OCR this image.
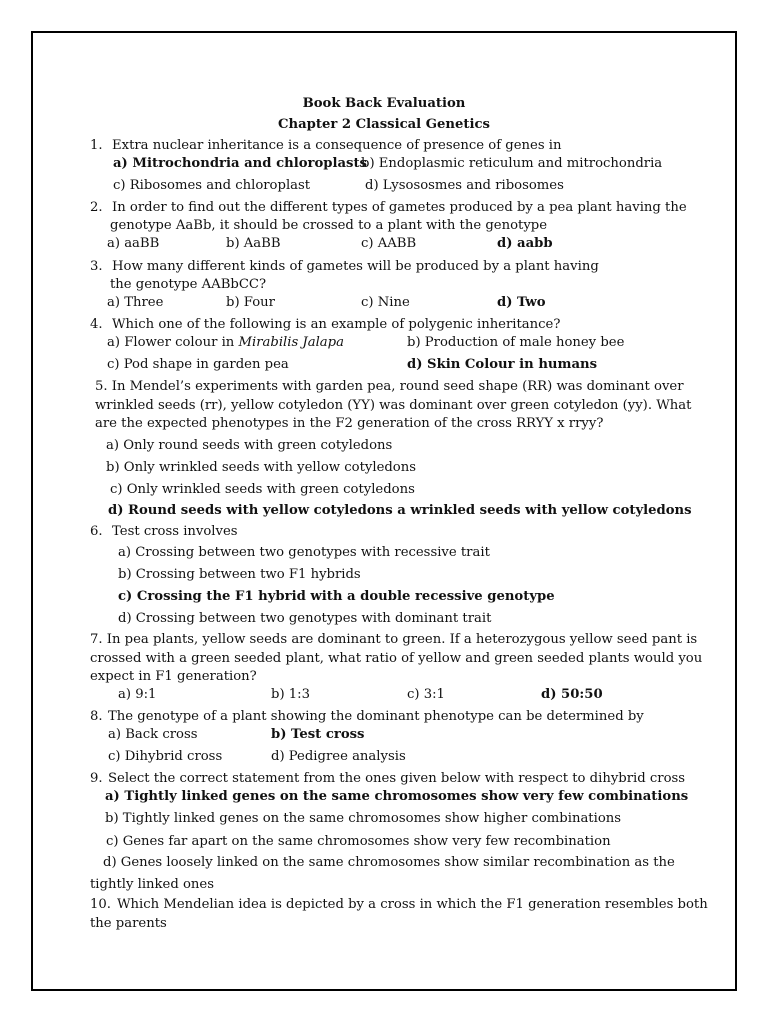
Book Back Evaluation
Chapter 2 Classical Genetics
1. Extra nuclear inheritance is a consequence of presence of genes in
a) Mitrochondria and chloroplasts
b) Endoplasmic reticulum and mitrochondria
c) Ribosomes and chloroplast	d) Lysososmes and ribosomes
2. In order to find out the different types of gametes produced by a pea plant having the
genotype AaBb, it should be crossed to a plant with the genotype
a) aaBB	b) AaBB	c) AABB	d) aabb
3. How many different kinds of gametes will be produced by a plant having
the genotype AABbCC?
a) Three	b) Four	c) Nine	d) Two
4. Which one of the following is an example of polygenic inheritance?
a) Flower colour in Mirabilis Jalapa	b) Production of male honey bee
c) Pod shape in garden pea	d) Skin Colour in humans
5. In Mendel’s experiments with garden pea, round seed shape (RR) was dominant over
wrinkled seeds (rr), yellow cotyledon (YY) was dominant over green cotyledon (yy). What
are the expected phenotypes in the F2 generation of the cross RRYY x rryy?
a) Only round seeds with green cotyledons
b) Only wrinkled seeds with yellow cotyledons
c) Only wrinkled seeds with green cotyledons
d) Round seeds with yellow cotyledons a wrinkled seeds with yellow cotyledons
6. Test cross involves
a) Crossing between two genotypes with recessive trait
b) Crossing between two F1 hybrids
c) Crossing the F1 hybrid with a double recessive genotype
d) Crossing between two genotypes with dominant trait
7. In pea plants, yellow seeds are dominant to green. If a heterozygous yellow seed pant is
crossed with a green seeded plant, what ratio of yellow and green seeded plants would you
expect in F1 generation?
a) 9:1	b) 1:3	c) 3:1	d) 50:50
8. The genotype of a plant showing the dominant phenotype can be determined by
a) Back cross	b) Test cross
c) Dihybrid cross	d) Pedigree analysis
9. Select the correct statement from the ones given below with respect to dihybrid cross
a) Tightly linked genes on the same chromosomes show very few combinations
b) Tightly linked genes on the same chromosomes show higher combinations
c) Genes far apart on the same chromosomes show very few recombination
d) Genes loosely linked on the same chromosomes show similar recombination as the
tightly linked ones
10. Which Mendelian idea is depicted by a cross in which the F1 generation resembles both
the parents
